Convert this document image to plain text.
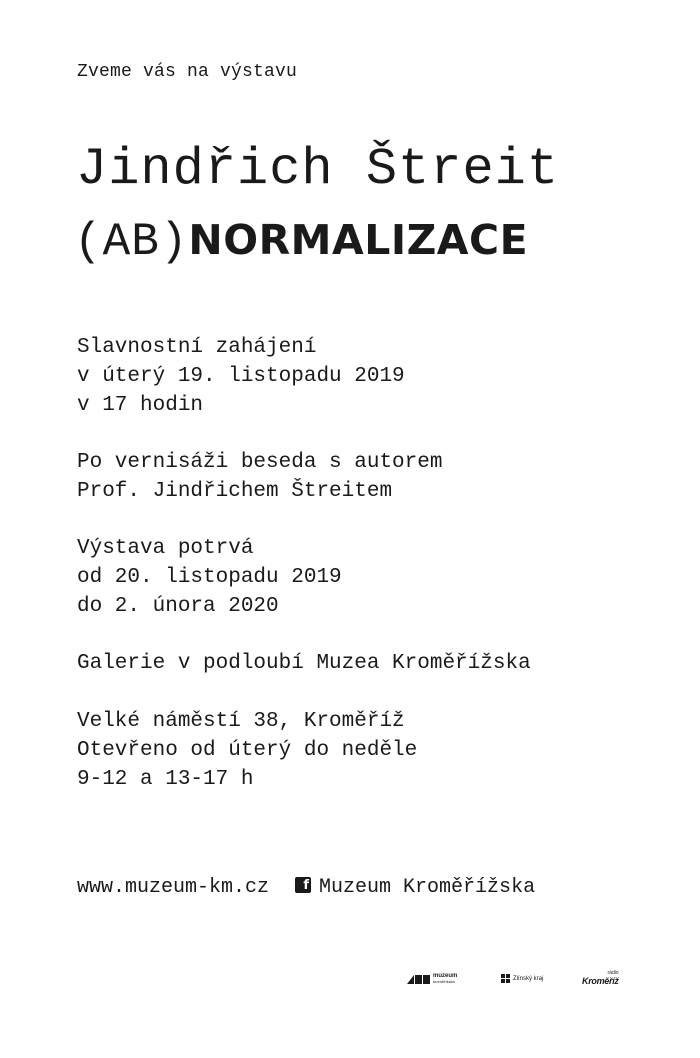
Zveme vás na výstavu
Jindřich Štreit
(AB)NORMALIZACE
Slavnostní zahájení
v úterý 19. listopadu 2019
v 17 hodin
Po vernisáži beseda s autorem
Prof. Jindřichem Štreitem
Výstava potrvá
od 20. listopadu 2019
do 2. února 2020
Galerie v podloubí Muzea Kroměřížska
Velké náměstí 38, Kroměříž
Otevřeno od úterý do neděle
9-12 a 13-17 h
www.muzeum-km.cz	f Muzeum Kroměřížska
muzeum
kroměřížska	Zlínský kraj
rádio
Kroměříž
